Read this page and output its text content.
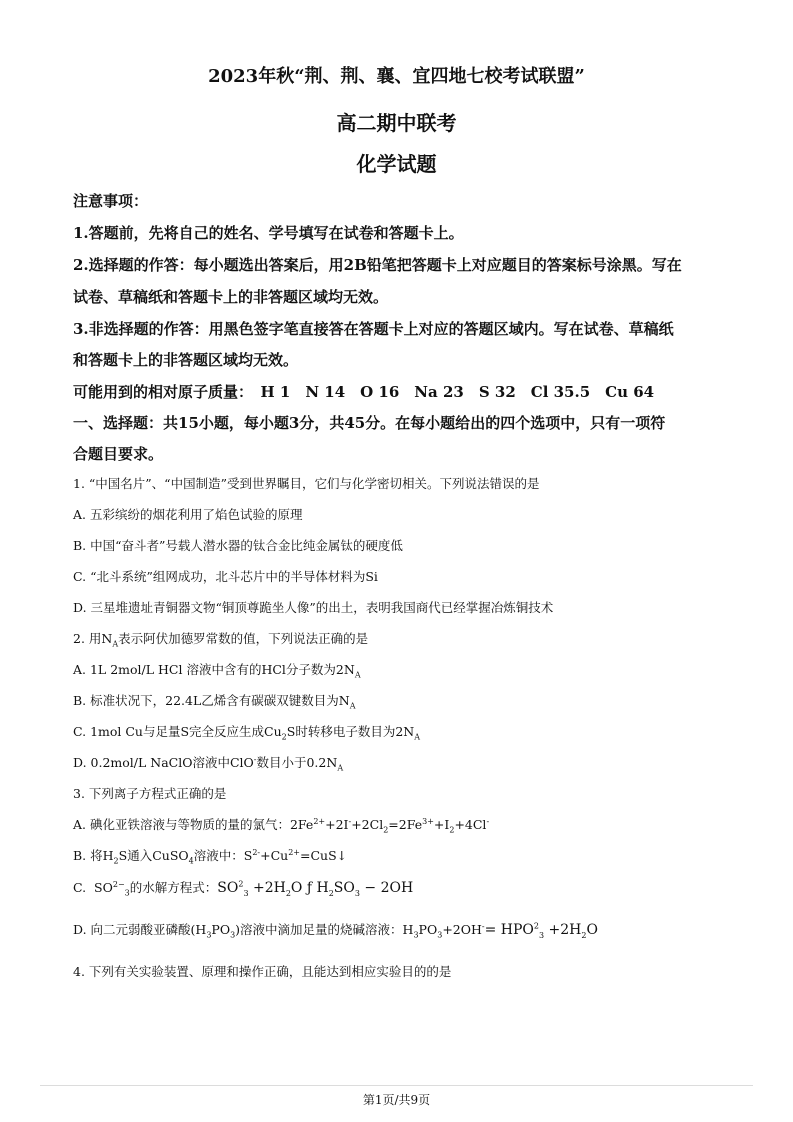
2023年秋“荆、荆、襄、宜四地七校考试联盟”
高二期中联考
化学试题
注意事项：
1.答题前，先将自己的姓名、学号填写在试卷和答题卡上。
2.选择题的作答：每小题选出答案后，用2B铅笔把答题卡上对应题目的答案标号涂黑。写在
试卷、草稿纸和答题卡上的非答题区域均无效。
3.非选择题的作答：用黑色签字笔直接答在答题卡上对应的答题区域内。写在试卷、草稿纸
和答题卡上的非答题区域均无效。
可能用到的相对原子质量：　H 1　N 14　O 16　Na 23　S 32　Cl 35.5　Cu 64
一、选择题：共15小题，每小题3分，共45分。在每小题给出的四个选项中，只有一项符
合题目要求。
1. “中国名片”、“中国制造”受到世界瞩目，它们与化学密切相关。下列说法错误的是
A. 五彩缤纷的烟花利用了焰色试验的原理
B. 中国“奋斗者”号载人潜水器的钛合金比纯金属钛的硬度低
C. “北斗系统”组网成功，北斗芯片中的半导体材料为Si
D. 三星堆遗址青铜器文物“铜顶尊跪坐人像”的出土，表明我国商代已经掌握冶炼铜技术
2. 用$N_A$表示阿伏加德罗常数的值，下列说法正确的是
A. 1L 2mol/L HCl 溶液中含有的HCl分子数为$2N_A$
B. 标准状况下，22.4L乙烯含有碳碳双键数目为$N_A$
C. 1mol Cu与足量S完全反应生成$Cu_2S$时转移电子数目为$2N_A$
D. 0.2mol/L NaClO溶液中ClO-数目小于$0.2N_A$
3. 下列离子方程式正确的是
A. 碘化亚铁溶液与等物质的量的氯气：$2Fe^{2+}+2I^-+2Cl_2=2Fe^{3+}+I_2+4Cl^-$
B. 将$H_2S$通入CuSO$_4$溶液中：$S^{2-}+Cu^{2+}=CuS↓$
C. $SO^{2-}_3$的水解方程式：$SO^2_3 +2H_2O$ ƒ $H_2SO_3 - 2OH$
D. 向二元弱酸亚磷酸$(H_3PO_3)$溶液中滴加足量的烧碱溶液：$H_3PO_3+2OH^-= HPO^2_3 +2H_2O$
4. 下列有关实验装置、原理和操作正确，且能达到相应实验目的的是
第1页/共9页
